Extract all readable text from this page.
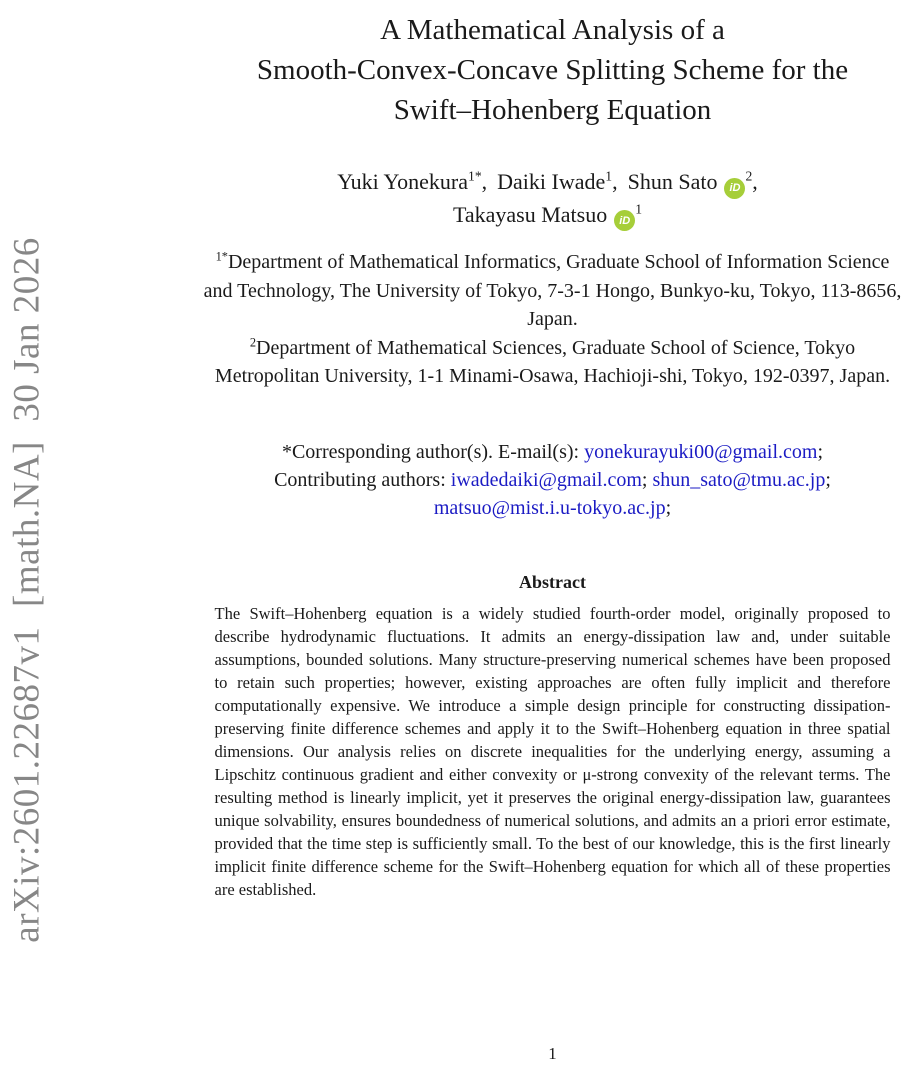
arXiv:2601.22687v1  [math.NA]  30 Jan 2026
A Mathematical Analysis of a
Smooth-Convex-Concave Splitting Scheme for the
Swift–Hohenberg Equation
Yuki Yonekura$^{1*}$, Daiki Iwade$^1$, Shun Sato $iD^2$,
Takayasu Matsuo $iD^1$

$^{1*}$Department of Mathematical Informatics, Graduate School of Information Science and Technology, The University of Tokyo, 7-3-1 Hongo, Bunkyo-ku, Tokyo, 113-8656, Japan.

$^2$Department of Mathematical Sciences, Graduate School of Science, Tokyo Metropolitan University, 1-1 Minami-Osawa, Hachioji-shi, Tokyo, 192-0397, Japan.

*Corresponding author(s). E-mail(s): yonekurayuki00@gmail.com;
Contributing authors: iwadedaiki@gmail.com; shun_sato@tmu.ac.jp;
matsuo@mist.i.u-tokyo.ac.jp;
Abstract

The Swift–Hohenberg equation is a widely studied fourth-order model, originally proposed to describe hydrodynamic fluctuations. It admits an energy-dissipation law and, under suitable assumptions, bounded solutions. Many structure-preserving numerical schemes have been proposed to retain such properties; however, existing approaches are often fully implicit and therefore computationally expensive. We introduce a simple design principle for constructing dissipation-preserving finite difference schemes and apply it to the Swift–Hohenberg equation in three spatial dimensions. Our analysis relies on discrete inequalities for the underlying energy, assuming a Lipschitz continuous gradient and either convexity or μ-strong convexity of the relevant terms. The resulting method is linearly implicit, yet it preserves the original energy-dissipation law, guarantees unique solvability, ensures boundedness of numerical solutions, and admits an a priori error estimate, provided that the time step is sufficiently small. To the best of our knowledge, this is the first linearly implicit finite difference scheme for the Swift–Hohenberg equation for which all of these properties are established.

1
